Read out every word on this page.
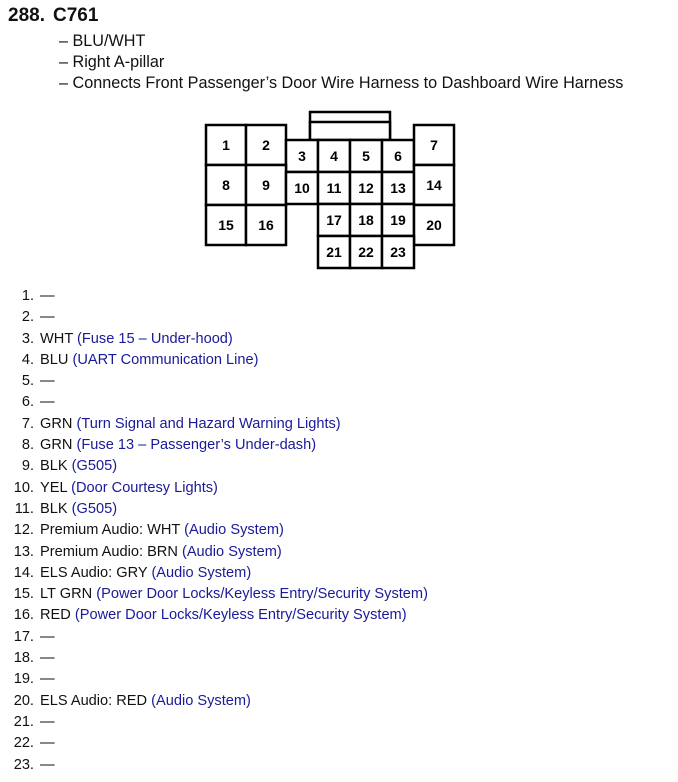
288. C761
– BLU/WHT
– Right A-pillar
– Connects Front Passenger’s Door Wire Harness to Dashboard Wire Harness
1 2
3 4 5 6
7
8 9 10 11 12 13 14
15 16	17 18 19 20
21 22 23
1. —
2. —
3. WHT (Fuse 15 – Under-hood)
4. BLU (UART Communication Line)
5. —
6. —
7. GRN (Turn Signal and Hazard Warning Lights)
8. GRN (Fuse 13 – Passenger’s Under-dash)
9. BLK (G505)
10. YEL (Door Courtesy Lights)
11. BLK (G505)
12. Premium Audio: WHT (Audio System)
13. Premium Audio: BRN (Audio System)
14. ELS Audio: GRY (Audio System)
15. LT GRN (Power Door Locks/Keyless Entry/Security System)
16. RED (Power Door Locks/Keyless Entry/Security System)
17. —
18. —
19. —
20. ELS Audio: RED (Audio System)
21. —
22. —
23. —
